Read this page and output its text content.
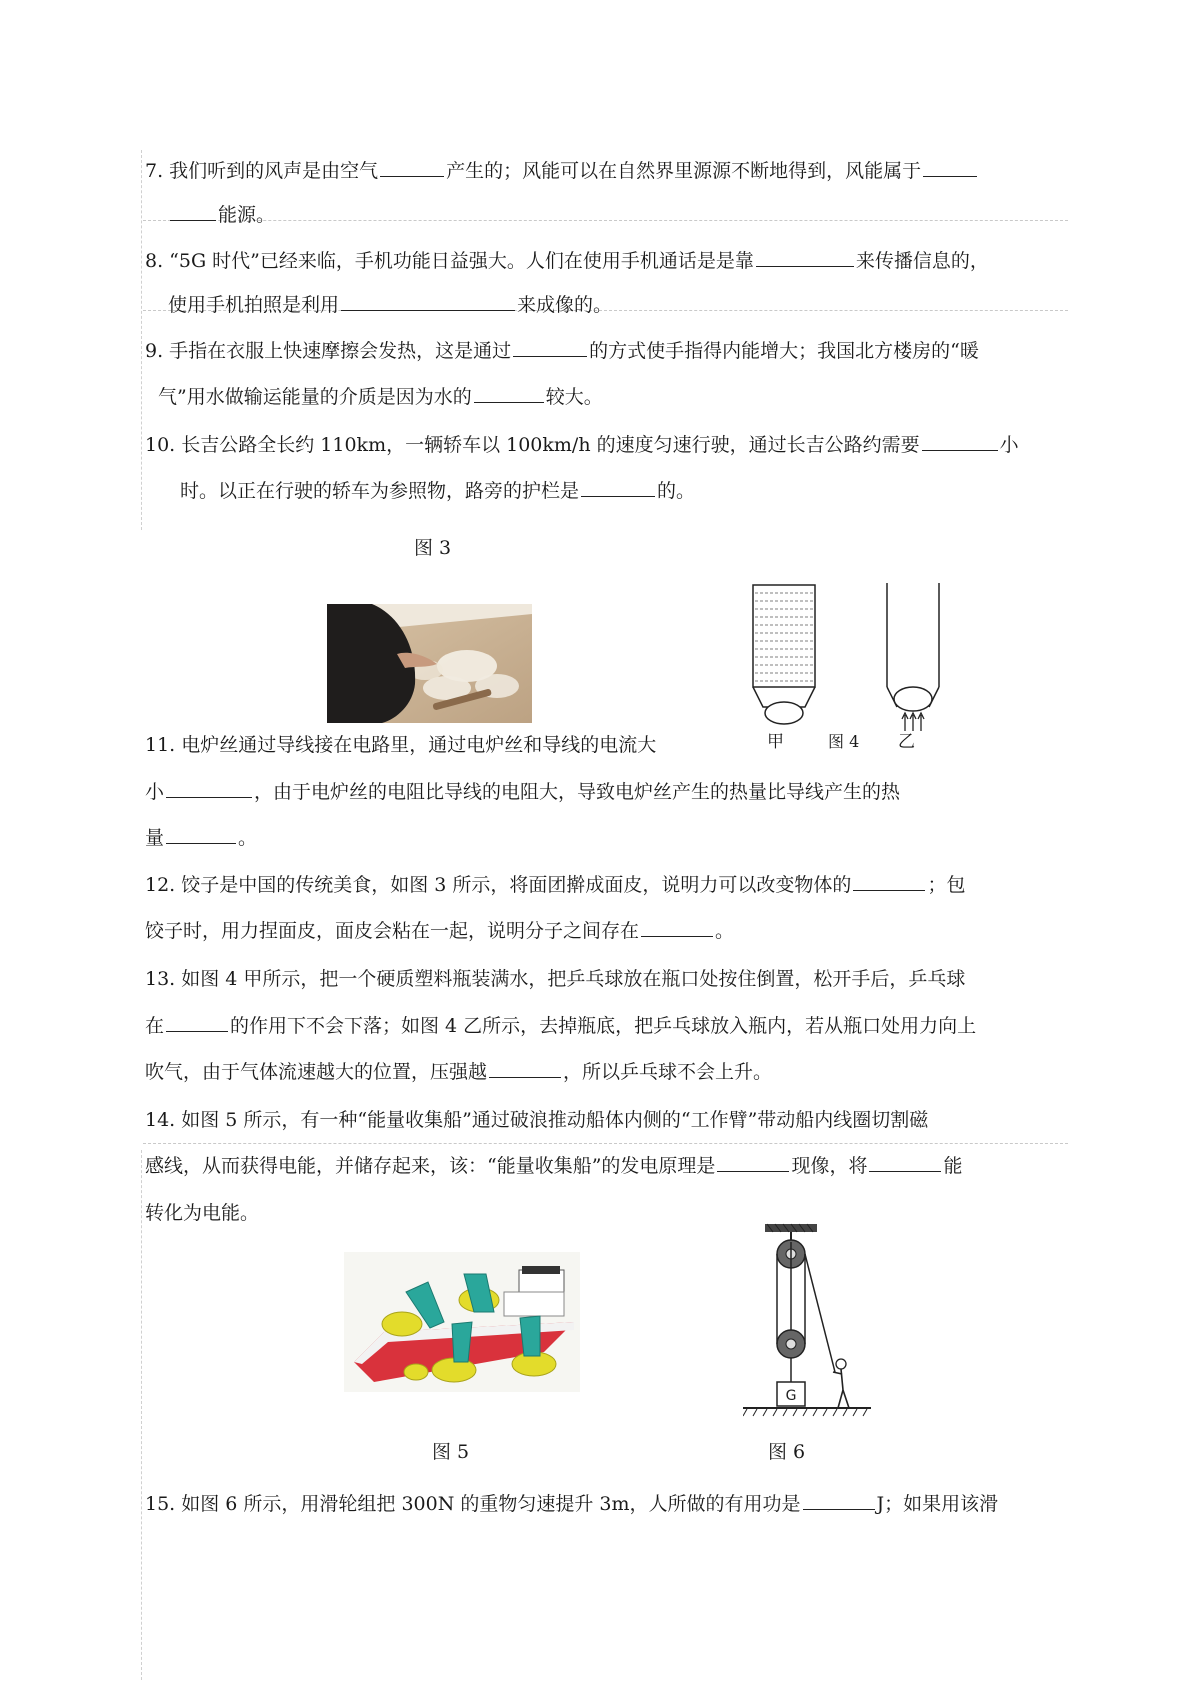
7. 我们听到的风声是由空气	产生的；风能可以在自然界里源源不断地得到，风能属于
能源。
8. “5G 时代”已经来临，手机功能日益强大。人们在使用手机通话是是靠	来传播信息的，
使用手机拍照是利用	来成像的。
9. 手指在衣服上快速摩擦会发热，这是通过	的方式使手指得内能增大；我国北方楼房的“暖
气”用水做输运能量的介质是因为水的	较大。
10. 长吉公路全长约 110km，一辆轿车以 100km/h 的速度匀速行驶，通过长吉公路约需要	小
时。以正在行驶的轿车为参照物，路旁的护栏是	的。
图 3
甲	图 4 乙
11. 电炉丝通过导线接在电路里，通过电炉丝和导线的电流大
小	，由于电炉丝的电阻比导线的电阻大，导致电炉丝产生的热量比导线产生的热
量	。
12. 饺子是中国的传统美食，如图 3 所示，将面团擀成面皮，说明力可以改变物体的	；包
饺子时，用力捏面皮，面皮会粘在一起，说明分子之间存在	。
13. 如图 4 甲所示，把一个硬质塑料瓶装满水，把乒乓球放在瓶口处按住倒置，松开手后，乒乓球
在	的作用下不会下落；如图 4 乙所示，去掉瓶底，把乒乓球放入瓶内，若从瓶口处用力向上
吹气，由于气体流速越大的位置，压强越	，所以乒乓球不会上升。
14. 如图 5 所示，有一种“能量收集船”通过破浪推动船体内侧的“工作臂”带动船内线圈切割磁
感线，从而获得电能，并储存起来，该：“能量收集船”的发电原理是	现像，将	能
转化为电能。
G
图 5	图 6
15. 如图 6 所示，用滑轮组把 300N 的重物匀速提升 3m，人所做的有用功是	J；如果用该滑
